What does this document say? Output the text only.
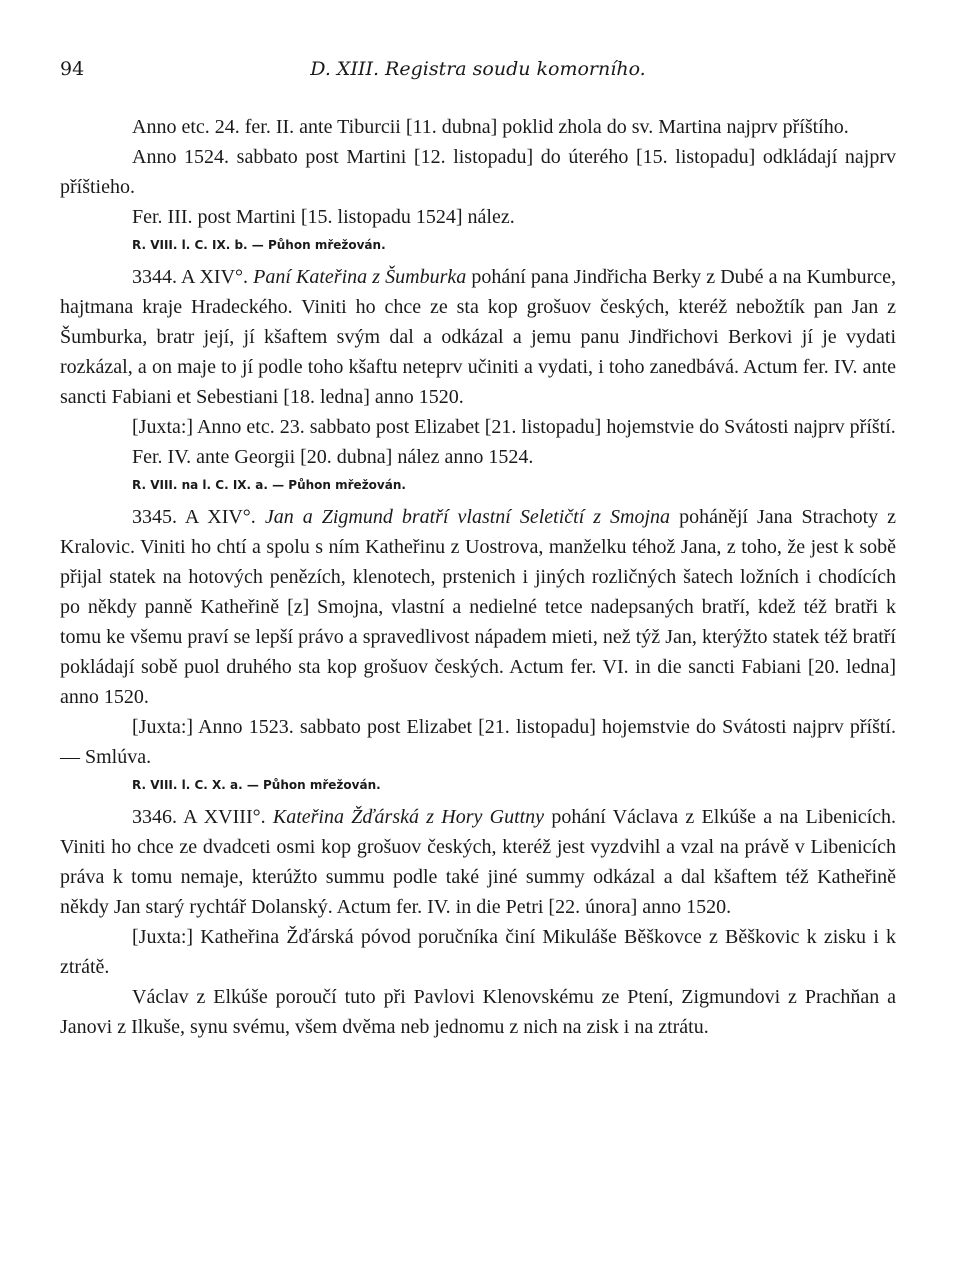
94	D. XIII. Registra soudu komorního.

Anno etc. 24. fer. II. ante Tiburcii [11. dubna] poklid zhola do sv. Martina najprv příštího.

Anno 1524. sabbato post Martini [12. listopadu] do úterého [15. listopadu] odkládají najprv příštieho.

Fer. III. post Martini [15. listopadu 1524] nález.

R. VIII. l. C. IX. b. — Půhon mřežován.

3344. A XIV°. Paní Kateřina z Šumburka pohání pana Jindřicha Berky z Dubé a na Kumburce, hajtmana kraje Hradeckého. Viniti ho chce ze sta kop grošuov českých, kteréž nebožtík pan Jan z Šumburka, bratr její, jí kšaftem svým dal a odkázal a jemu panu Jindřichovi Berkovi jí je vydati rozkázal, a on maje to jí podle toho kšaftu neteprv učiniti a vydati, i toho zanedbává. Actum fer. IV. ante sancti Fabiani et Sebestiani [18. ledna] anno 1520.

[Juxta:] Anno etc. 23. sabbato post Elizabet [21. listopadu] hojemstvie do Svátosti najprv příští.

Fer. IV. ante Georgii [20. dubna] nález anno 1524.

R. VIII. na l. C. IX. a. — Půhon mřežován.

3345. A XIV°. Jan a Zigmund bratří vlastní Seletičtí z Smojna pohánějí Jana Strachoty z Kralovic. Viniti ho chtí a spolu s ním Katheřinu z Uostrova, manželku téhož Jana, z toho, že jest k sobě přijal statek na hotových penězích, klenotech, prstenich i jiných rozličných šatech ložních i chodících po někdy panně Katheřině [z] Smojna, vlastní a nedielné tetce nadepsaných bratří, kdež též bratři k tomu ke všemu praví se lepší právo a spravedlivost nápadem mieti, než týž Jan, kterýžto statek též bratří pokládají sobě puol druhého sta kop grošuov českých. Actum fer. VI. in die sancti Fabiani [20. ledna] anno 1520.

[Juxta:] Anno 1523. sabbato post Elizabet [21. listopadu] hojemstvie do Svátosti najprv příští. — Smlúva.

R. VIII. l. C. X. a. — Půhon mřežován.

3346. A XVIII°. Kateřina Žďárská z Hory Guttny pohání Václava z Elkúše a na Libenicích. Viniti ho chce ze dvadceti osmi kop grošuov českých, kteréž jest vyzdvihl a vzal na právě v Libenicích práva k tomu nemaje, kterúžto summu podle také jiné summy odkázal a dal kšaftem též Katheřině někdy Jan starý rychtář Dolanský. Actum fer. IV. in die Petri [22. února] anno 1520.

[Juxta:] Katheřina Žďárská póvod poručníka činí Mikuláše Běškovce z Běškovic k zisku i k ztrátě.

Václav z Elkúše poroučí tuto při Pavlovi Klenovskému ze Ptení, Zigmundovi z Prachňan a Janovi z Ilkuše, synu svému, všem dvěma neb jednomu z nich na zisk i na ztrátu.
